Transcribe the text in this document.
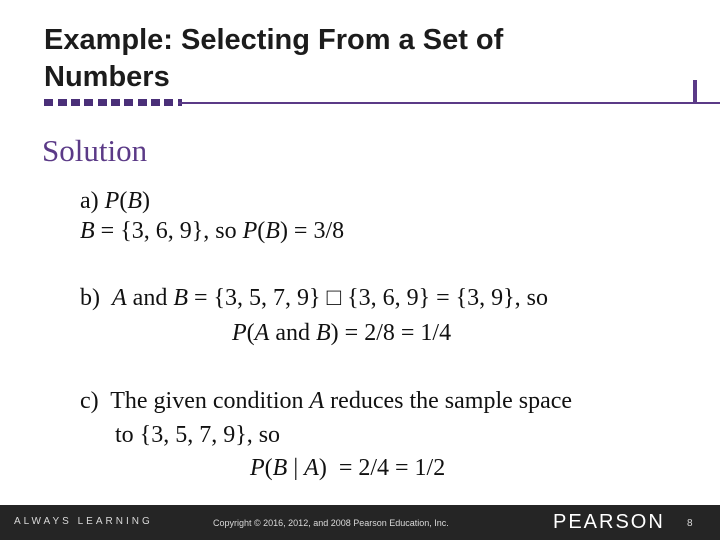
Example: Selecting From a Set of
Numbers
Solution
a) P(B)
B = {3, 6, 9}, so P(B) = 3/8
b)  A and B = {3, 5, 7, 9} □ {3, 6, 9} = {3, 9}, so
P(A and B) = 2/8 = 1/4
c)  The given condition A reduces the sample space
to {3, 5, 7, 9}, so
P(B | A)  = 2/4 = 1/2
ALWAYS LEARNING	Copyright © 2016, 2012, and 2008 Pearson Education, Inc.	PEARSON 8
